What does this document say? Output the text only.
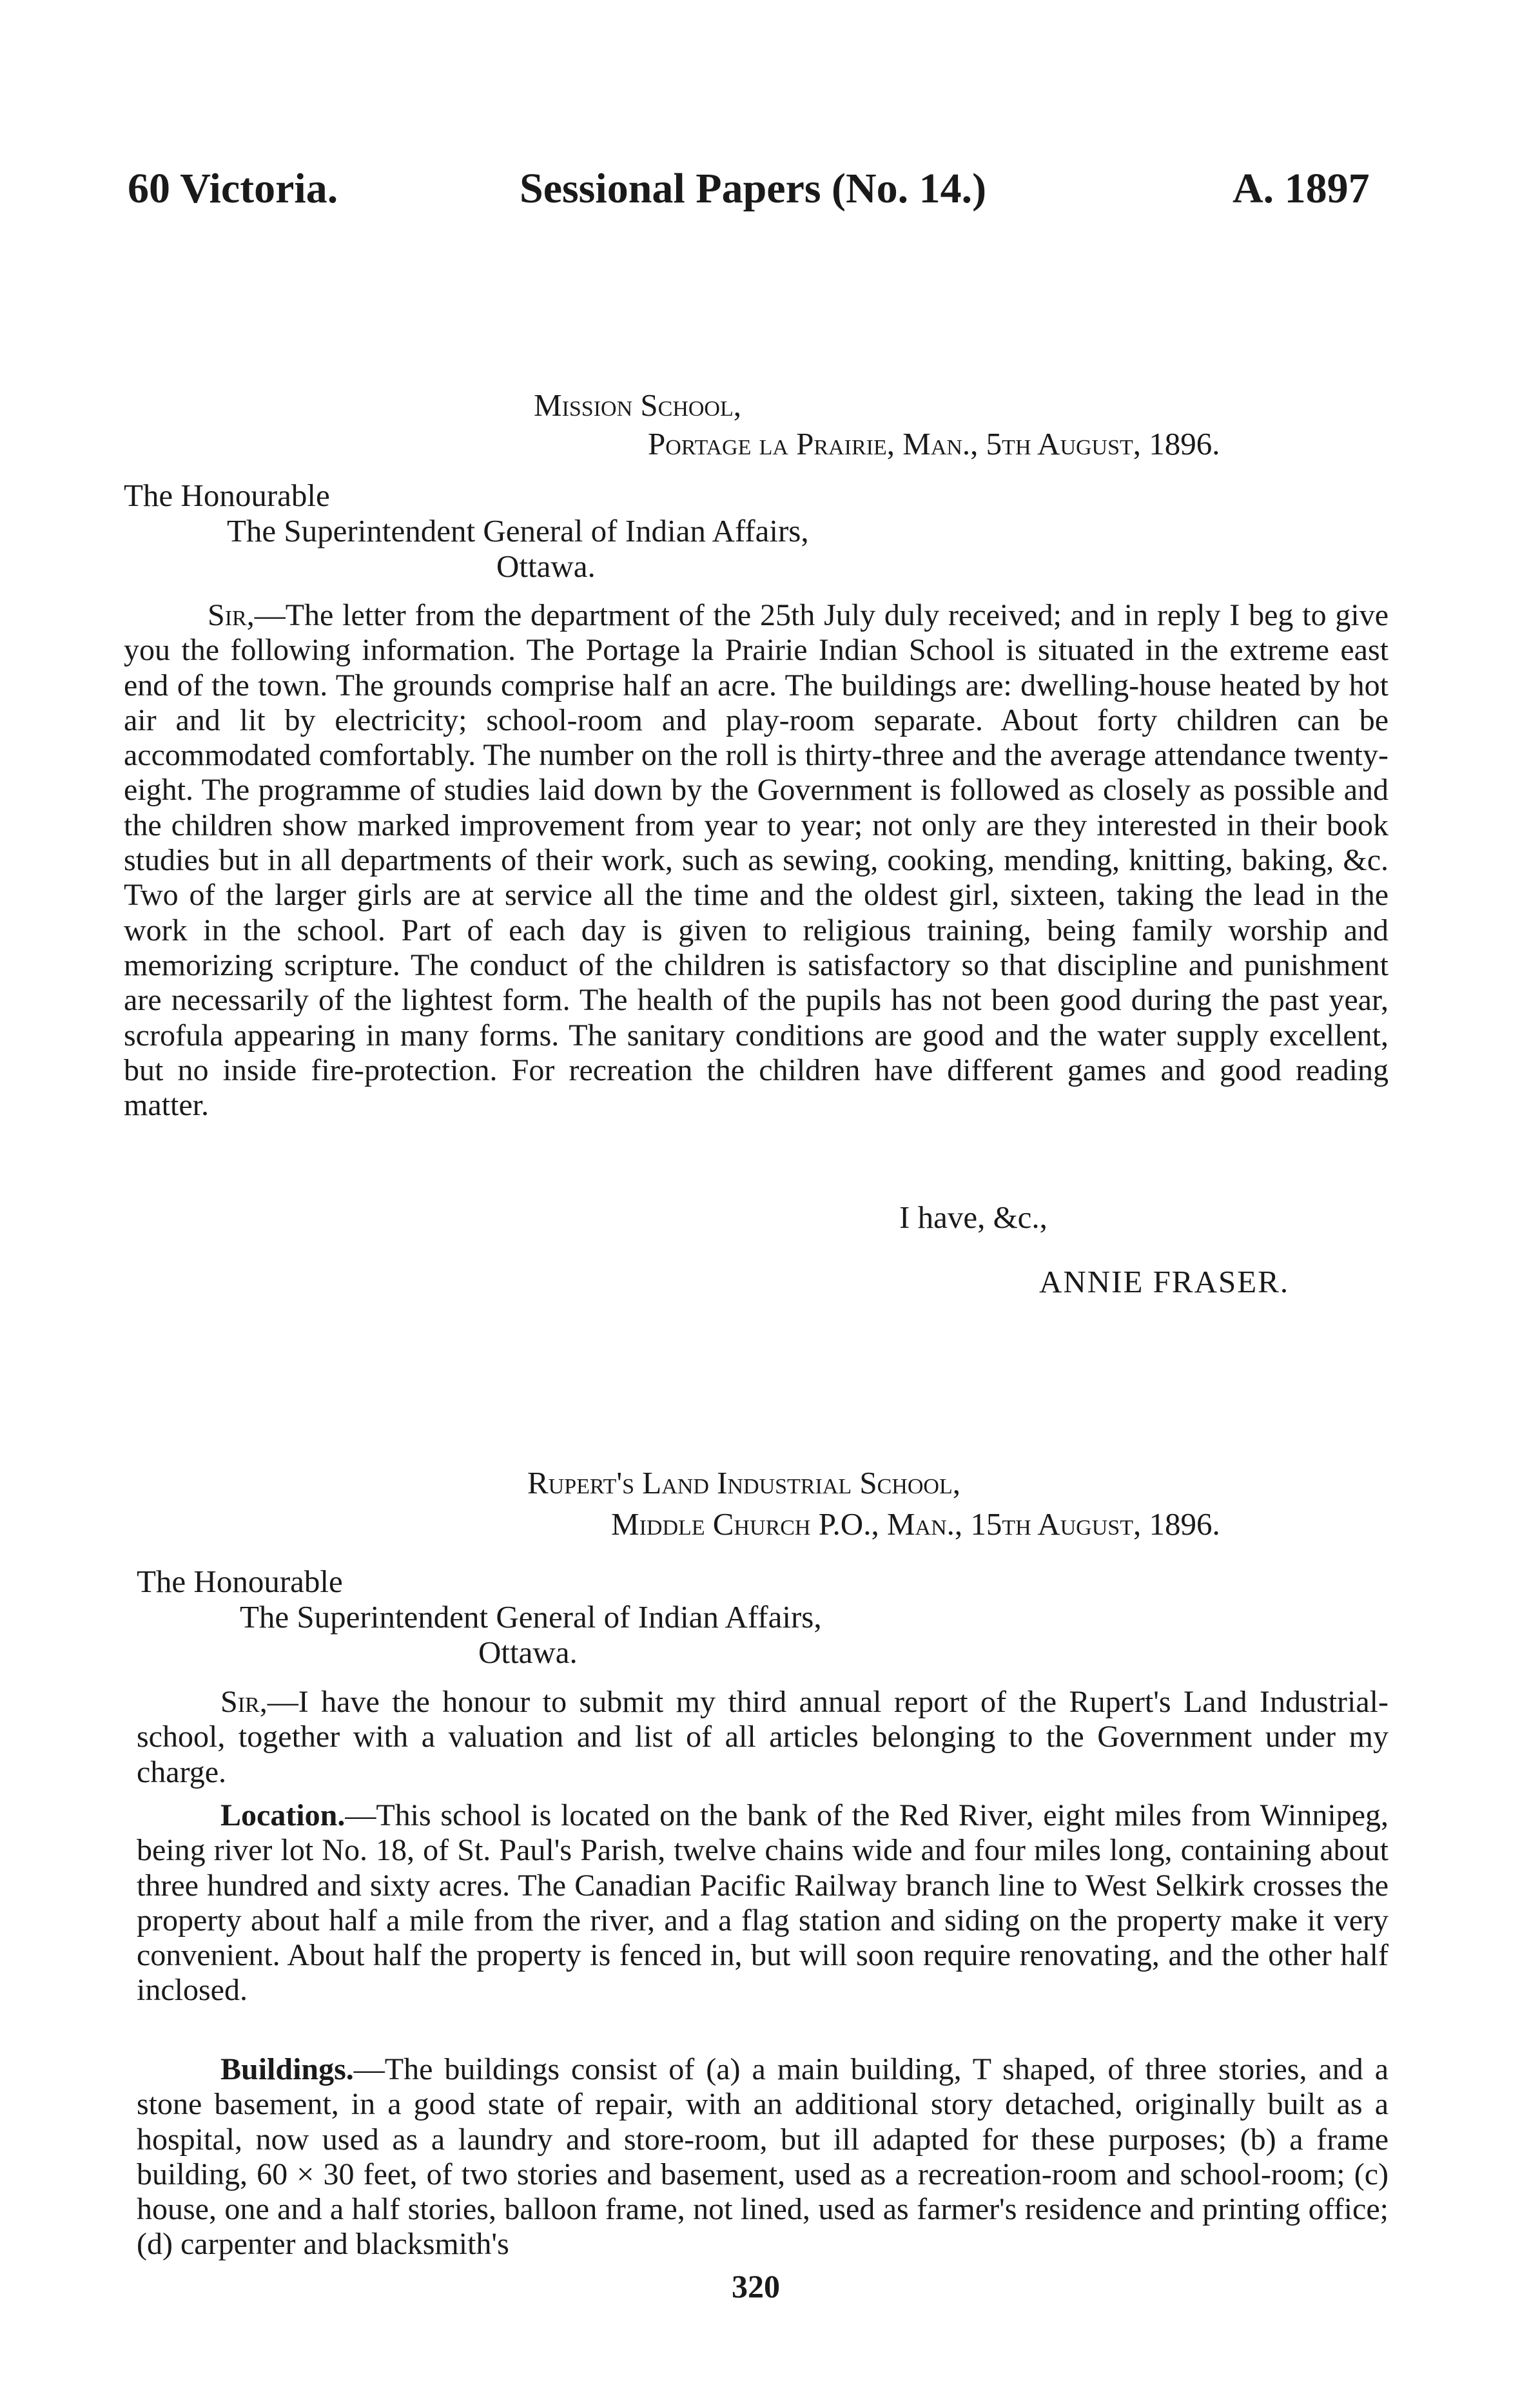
60 Victoria.	Sessional Papers (No. 14.)	A. 1897
Mission School,
Portage la Prairie, Man., 5th August, 1896.
The Honourable
The Superintendent General of Indian Affairs,
Ottawa.

Sir,—The letter from the department of the 25th July duly received; and in reply I beg to give you the following information. The Portage la Prairie Indian School is situated in the extreme east end of the town. The grounds comprise half an acre. The buildings are: dwelling-house heated by hot air and lit by electricity; school-room and play-room separate. About forty children can be accommodated comfortably. The number on the roll is thirty-three and the average attendance twenty-eight. The programme of studies laid down by the Government is followed as closely as possible and the children show marked improvement from year to year; not only are they interested in their book studies but in all departments of their work, such as sewing, cooking, mending, knitting, baking, &c. Two of the larger girls are at service all the time and the oldest girl, sixteen, taking the lead in the work in the school. Part of each day is given to religious training, being family worship and memorizing scripture. The conduct of the children is satisfactory so that discipline and punishment are necessarily of the lightest form. The health of the pupils has not been good during the past year, scrofula appearing in many forms. The sanitary conditions are good and the water supply excellent, but no inside fire-protection. For recreation the children have different games and good reading matter.

I have, &c.,
ANNIE FRASER.
Rupert's Land Industrial School,
Middle Church P.O., Man., 15th August, 1896.
The Honourable
The Superintendent General of Indian Affairs,
Ottawa.

Sir,—I have the honour to submit my third annual report of the Rupert's Land Industrial-school, together with a valuation and list of all articles belonging to the Government under my charge.

Location.—This school is located on the bank of the Red River, eight miles from Winnipeg, being river lot No. 18, of St. Paul's Parish, twelve chains wide and four miles long, containing about three hundred and sixty acres. The Canadian Pacific Railway branch line to West Selkirk crosses the property about half a mile from the river, and a flag station and siding on the property make it very convenient. About half the property is fenced in, but will soon require renovating, and the other half inclosed.

Buildings.—The buildings consist of (a) a main building, T shaped, of three stories, and a stone basement, in a good state of repair, with an additional story detached, originally built as a hospital, now used as a laundry and store-room, but ill adapted for these purposes; (b) a frame building, 60 × 30 feet, of two stories and basement, used as a recreation-room and school-room; (c) house, one and a half stories, balloon frame, not lined, used as farmer's residence and printing office; (d) carpenter and blacksmith's

320
